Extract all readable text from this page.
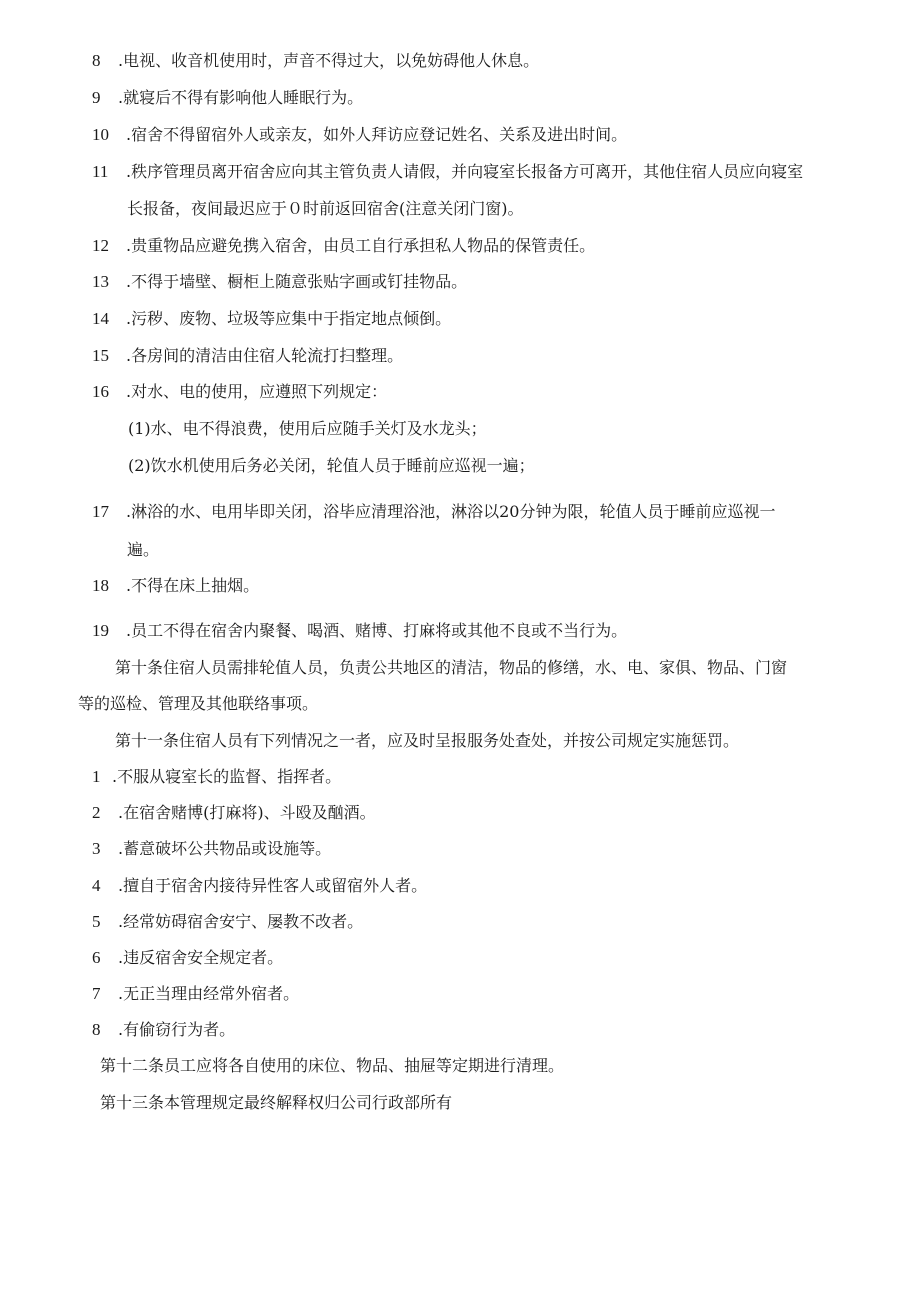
8 .电视、收音机使用时，声音不得过大，以免妨碍他人休息。
9 .就寝后不得有影响他人睡眠行为。
10 .宿舍不得留宿外人或亲友，如外人拜访应登记姓名、关系及进出时间。
11 .秩序管理员离开宿舍应向其主管负责人请假，并向寝室长报备方可离开，其他住宿人员应向寝室
长报备，夜间最迟应于０时前返回宿舍(注意关闭门窗)。
12 .贵重物品应避免携入宿舍，由员工自行承担私人物品的保管责任。
13 .不得于墙壁、橱柜上随意张贴字画或钉挂物品。
14 .污秽、废物、垃圾等应集中于指定地点倾倒。
15 .各房间的清洁由住宿人轮流打扫整理。
16 .对水、电的使用，应遵照下列规定：
(1)水、电不得浪费，使用后应随手关灯及水龙头；
(2)饮水机使用后务必关闭，轮值人员于睡前应巡视一遍；
17 .淋浴的水、电用毕即关闭，浴毕应清理浴池，淋浴以20分钟为限，轮值人员于睡前应巡视一
遍。
18 .不得在床上抽烟。
19 .员工不得在宿舍内聚餐、喝酒、赌博、打麻将或其他不良或不当行为。
第十条住宿人员需排轮值人员，负责公共地区的清洁，物品的修缮，水、电、家俱、物品、门窗
等的巡检、管理及其他联络事项。
第十一条住宿人员有下列情况之一者，应及时呈报服务处查处，并按公司规定实施惩罚。
1 .不服从寝室长的监督、指挥者。
2 .在宿舍赌博(打麻将)、斗殴及酗酒。
3 .蓄意破坏公共物品或设施等。
4 .擅自于宿舍内接待异性客人或留宿外人者。
5 .经常妨碍宿舍安宁、屡教不改者。
6 .违反宿舍安全规定者。
7 .无正当理由经常外宿者。
8 .有偷窃行为者。
第十二条员工应将各自使用的床位、物品、抽屉等定期进行清理。
第十三条本管理规定最终解释权归公司行政部所有
